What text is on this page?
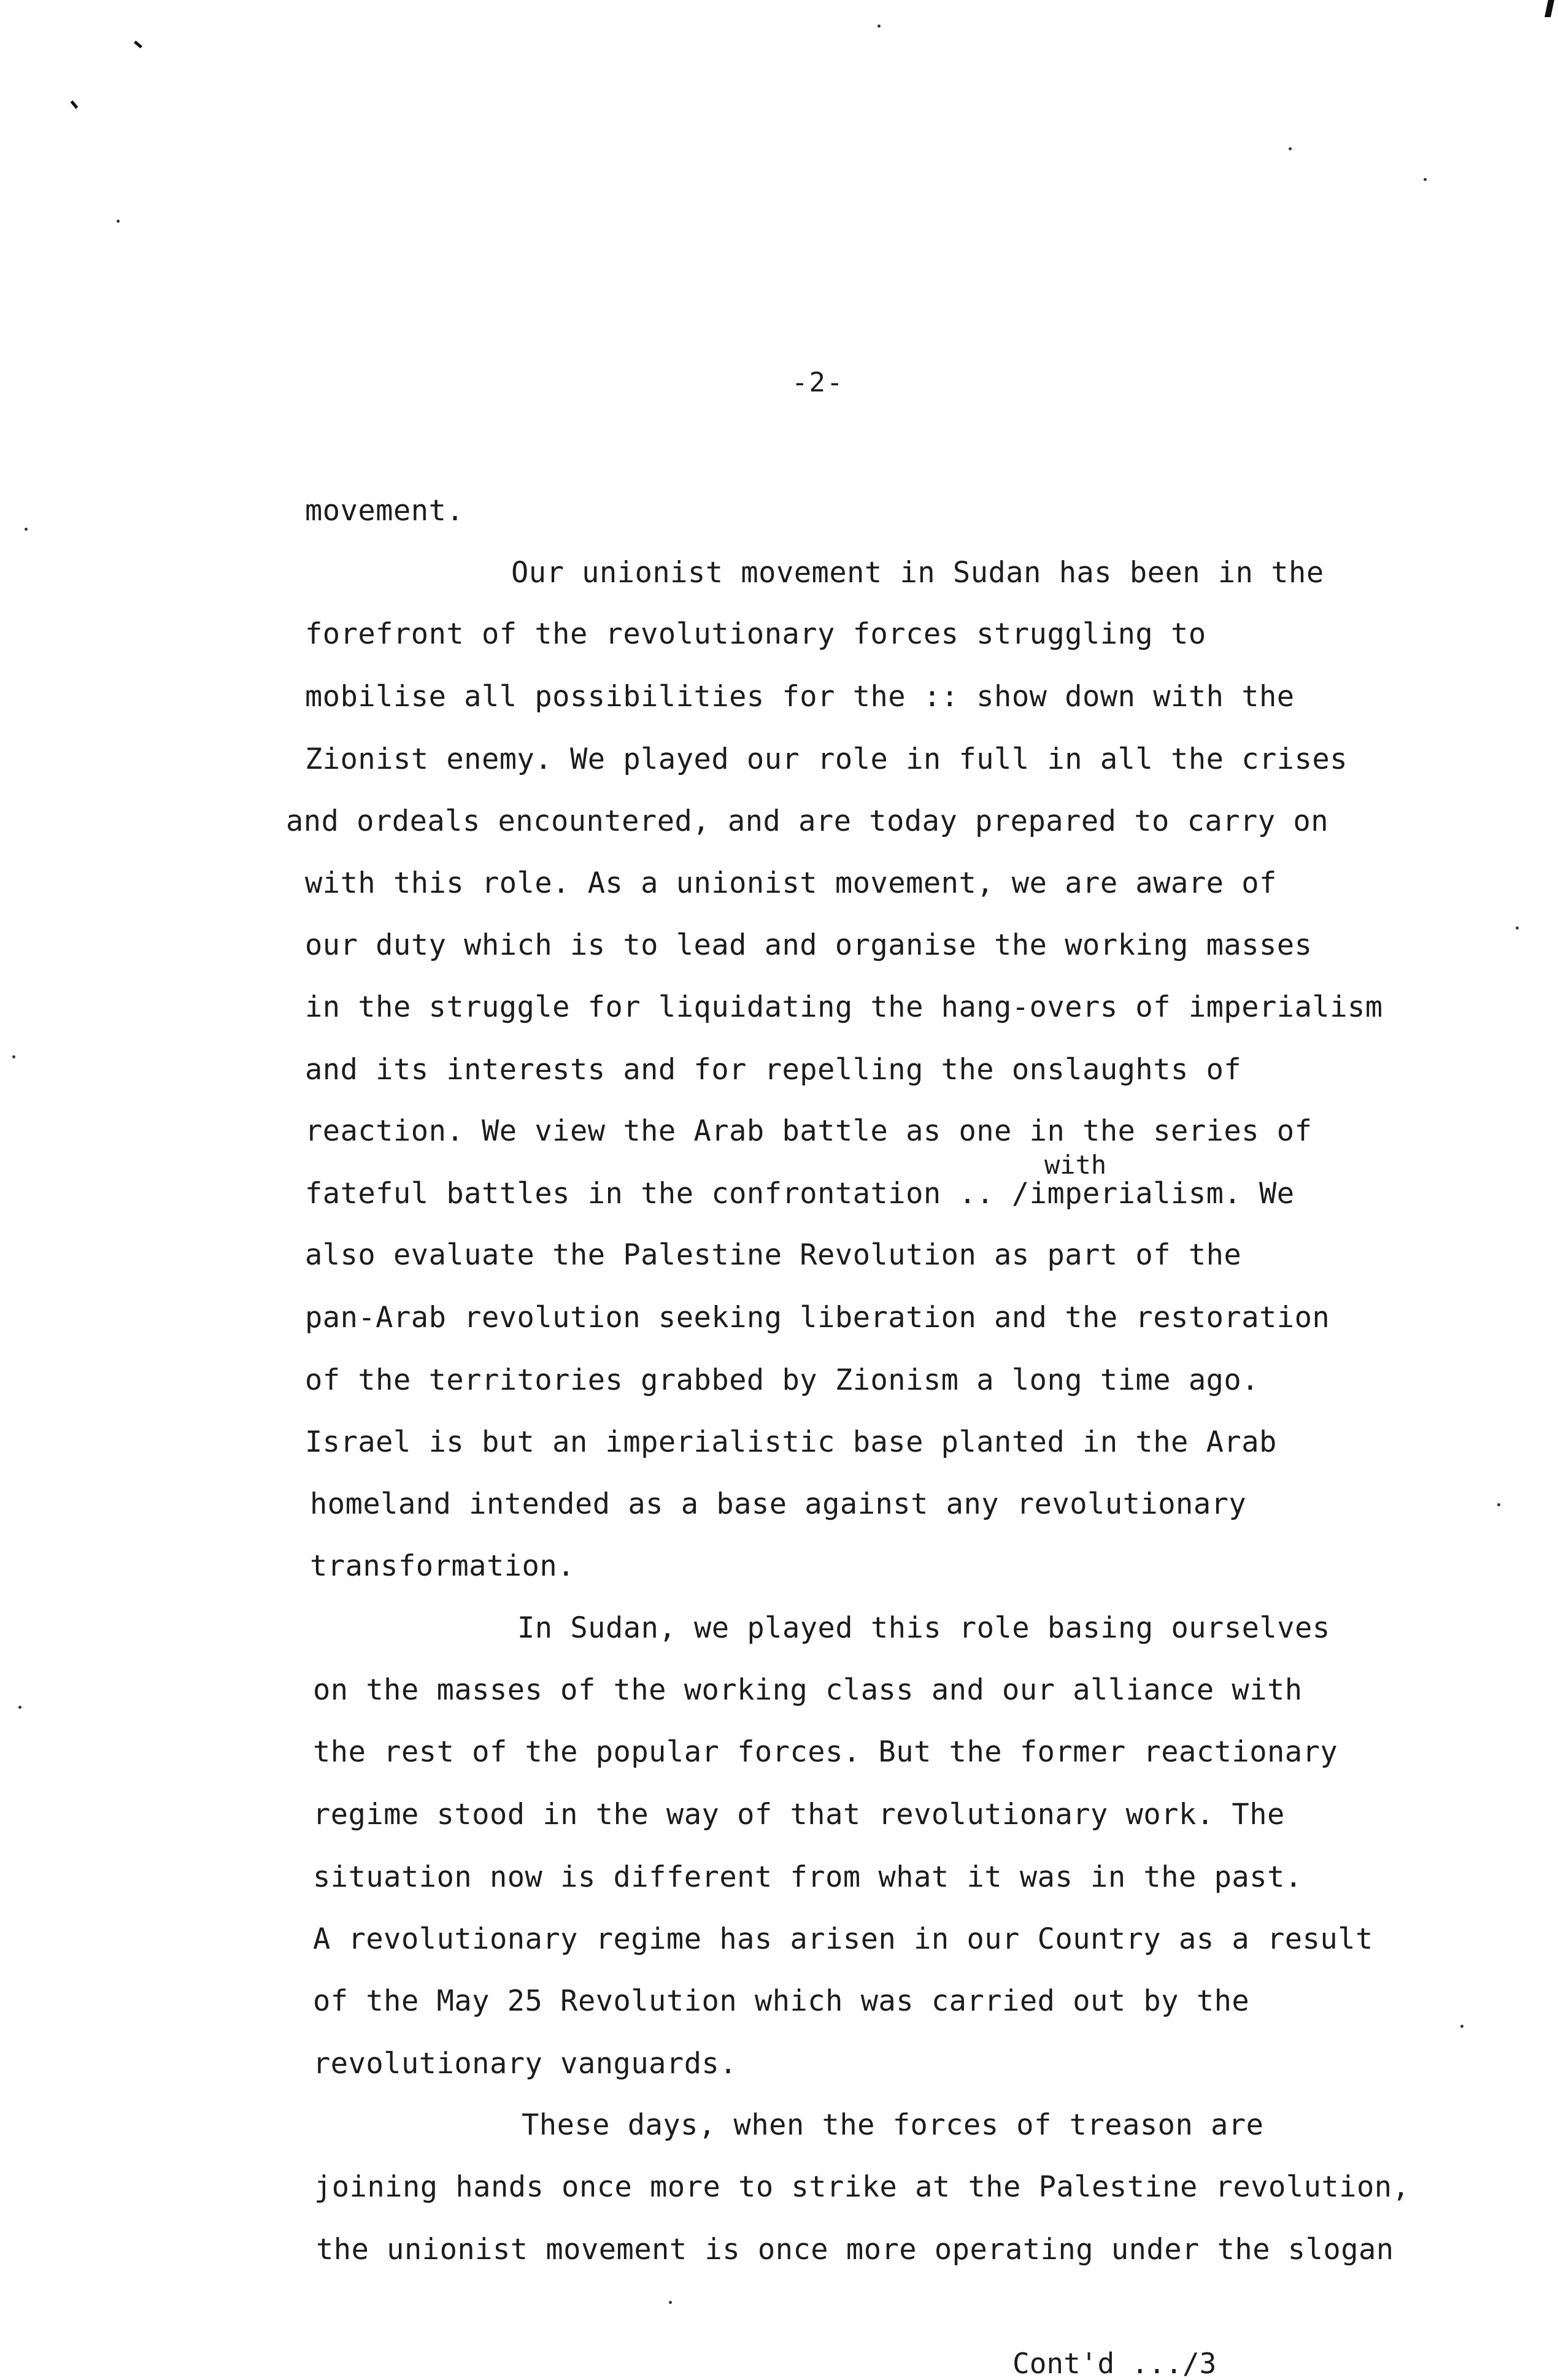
-2-
movement.
Our unionist movement in Sudan has been in the
forefront of the revolutionary forces struggling to
mobilise all possibilities for the :: show down with the
Zionist enemy. We played our role in full in all the crises
and ordeals encountered, and are today prepared to carry on
with this role. As a unionist movement, we are aware of
our duty which is to lead and organise the working masses
in the struggle for liquidating the hang-overs of imperialism
and its interests and for repelling the onslaughts of
reaction. We view the Arab battle as one in the series of
with
fateful battles in the confrontation .. /imperialism. We
also evaluate the Palestine Revolution as part of the
pan-Arab revolution seeking liberation and the restoration
of the territories grabbed by Zionism a long time ago.
Israel is but an imperialistic base planted in the Arab
homeland intended as a base against any revolutionary
transformation.
In Sudan, we played this role basing ourselves
on the masses of the working class and our alliance with
the rest of the popular forces. But the former reactionary
regime stood in the way of that revolutionary work. The
situation now is different from what it was in the past.
A revolutionary regime has arisen in our Country as a result
of the May 25 Revolution which was carried out by the
revolutionary vanguards.
These days, when the forces of treason are
joining hands once more to strike at the Palestine revolution,
the unionist movement is once more operating under the slogan
Cont'd .../3
